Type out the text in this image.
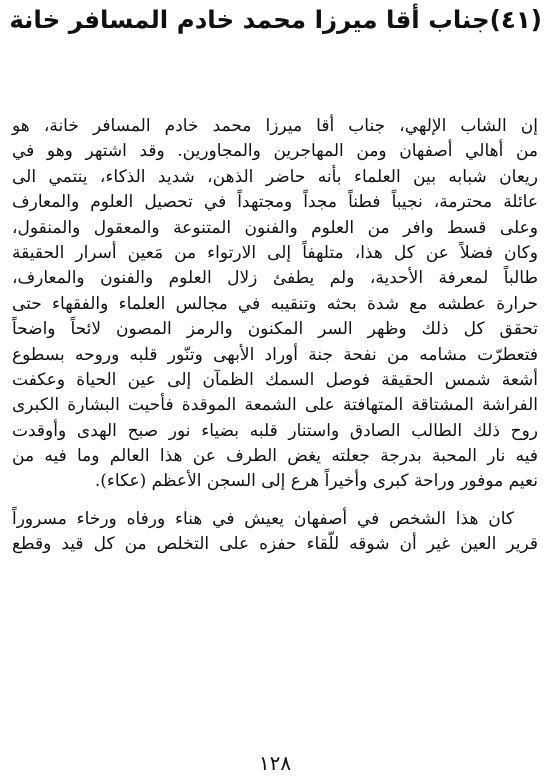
(٤١)جناب أقا ميرزا محمد خادم المسافر خانة
إن الشاب الإلهي، جناب أقا ميرزا محمد خادم المسافر خانة، هو
من أهالي أصفهان ومن المهاجرين والمجاورين. وقد اشتهر وهو في
ريعان شبابه بين العلماء بأنه حاضر الذهن، شديد الذكاء، ينتمي الى
عائلة محترمة، نجيباً فطناً مجداً ومجتهداً في تحصيل العلوم والمعارف
وعلى قسط وافر من العلوم والفنون المتنوعة والمعقول والمنقول،
وكان فضلاً عن كل هذا، متلهفاً إلى الارتواء من مَعين أسرار الحقيقة
طالباً لمعرفة الأحدية، ولم يطفئ زلال العلوم والفنون والمعارف،
حرارة عطشه مع شدة بحثه وتنقيبه في مجالس العلماء والفقهاء حتى
تحقق كل ذلك وظهر السر المكنون والرمز المصون لائحاً واضحاً
فتعطرّت مشامه من نفحة جنة أوراد الأبهى وتنّور قلبه وروحه بسطوع
أشعة شمس الحقيقة فوصل السمك الظمآن إلى عين الحياة وعكفت
الفراشة المشتاقة المتهافتة على الشمعة الموقدة فأحيت البشارة الكبرى
روح ذلك الطالب الصادق واستنار قلبه بضياء نور صبح الهدى وأوقدت
فيه نار المحبة بدرجة جعلته يغض الطرف عن هذا العالم وما فيه من
نعيم موفور وراحة كبرى وأخيراً هرع إلى السجن الأعظم (عكاء).
كان هذا الشخص في أصفهان يعيش في هناء ورفاه ورخاء مسروراً
قرير العين غير أن شوقه للّقاء حفزه على التخلص من كل قيد وقطع
١٢٨
